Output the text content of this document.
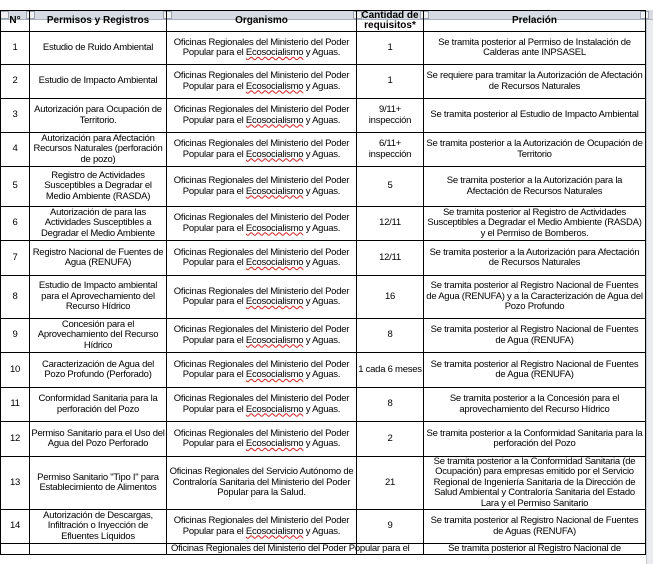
N°	Permisos y Registros	Organismo	Cantidad de requisitos*	Prelación
1	Estudio de Ruido Ambiental	Oficinas Regionales del Ministerio del Poder Popular para el Ecosocialismo y Aguas.	1	Se tramita posterior al Permiso de Instalación de Calderas ante INPSASEL
2	Estudio de Impacto Ambiental	Oficinas Regionales del Ministerio del Poder Popular para el Ecosocialismo y Aguas.	1	Se requiere para tramitar la Autorización de Afectación de Recursos Naturales
3	Autorización para Ocupación de Territorio.	Oficinas Regionales del Ministerio del Poder Popular para el Ecosocialismo y Aguas.	9/11+ inspección	Se tramita posterior al Estudio de Impacto Ambiental
4	Autorización para Afectación Recursos Naturales (perforación de pozo)	Oficinas Regionales del Ministerio del Poder Popular para el Ecosocialismo y Aguas.	6/11+ inspección	Se tramita posterior a la Autorización de Ocupación de Territorio
5	Registro de Actividades Susceptibles a Degradar el Medio Ambiente (RASDA)	Oficinas Regionales del Ministerio del Poder Popular para el Ecosocialismo y Aguas.	5	Se tramita posterior a la Autorización para la Afectación de Recursos Naturales
6	Autorización de para las Actividades Susceptibles a Degradar el Medio Ambiente	Oficinas Regionales del Ministerio del Poder Popular para el Ecosocialismo y Aguas.	12/11	Se tramita posterior al Registro de Actividades Susceptibles a Degradar el Medio Ambiente (RASDA) y el Permiso de Bomberos.
7	Registro Nacional de Fuentes de Agua (RENUFA)	Oficinas Regionales del Ministerio del Poder Popular para el Ecosocialismo y Aguas.	12/11	Se tramita posterior a la Autorización para Afectación de Recursos Naturales
8	Estudio de Impacto ambiental para el Aprovechamiento del Recurso Hídrico	Oficinas Regionales del Ministerio del Poder Popular para el Ecosocialismo y Aguas.	16	Se tramita posterior al Registro Nacional de Fuentes de Agua (RENUFA) y a la Caracterización de Agua del Pozo Profundo
9	Concesión para el Aprovechamiento del Recurso Hídrico	Oficinas Regionales del Ministerio del Poder Popular para el Ecosocialismo y Aguas.	8	Se tramita posterior al Registro Nacional de Fuentes de Agua (RENUFA)
10	Caracterización de Agua del Pozo Profundo (Perforado)	Oficinas Regionales del Ministerio del Poder Popular para el Ecosocialismo y Aguas.	1 cada 6 meses	Se tramita posterior al Registro Nacional de Fuentes de Agua (RENUFA)
11	Conformidad Sanitaria para la perforación del Pozo	Oficinas Regionales del Ministerio del Poder Popular para el Ecosocialismo y Aguas.	8	Se tramita posterior a la Concesión para el aprovechamiento del Recurso Hídrico
12	Permiso Sanitario para el Uso del Agua del Pozo Perforado	Oficinas Regionales del Ministerio del Poder Popular para el Ecosocialismo y Aguas.	2	Se tramita posterior a la Conformidad Sanitaria para la perforación del Pozo
13	Permiso Sanitario "Tipo I" para Establecimiento de Alimentos	Oficinas Regionales del Servicio Autónomo de Contraloría Sanitaria del Ministerio del Poder Popular para la Salud.	21	Se tramita posterior a la Conformidad Sanitaria (de Ocupación) para empresas emitido por el Servicio Regional de Ingeniería Sanitaria de la Dirección de Salud Ambiental y Contraloría Sanitaria del Estado Lara y el Permiso Sanitario
14	Autorización de Descargas, Infiltración o Inyección de Efluentes Líquidos	Oficinas Regionales del Ministerio del Poder Popular para el Ecosocialismo y Aguas.	9	Se tramita posterior al Registro Nacional de Fuentes de Aguas (RENUFA)
		Oficinas Regionales del Ministerio del Poder Popular para el		Se tramita posterior al Registro Nacional de
